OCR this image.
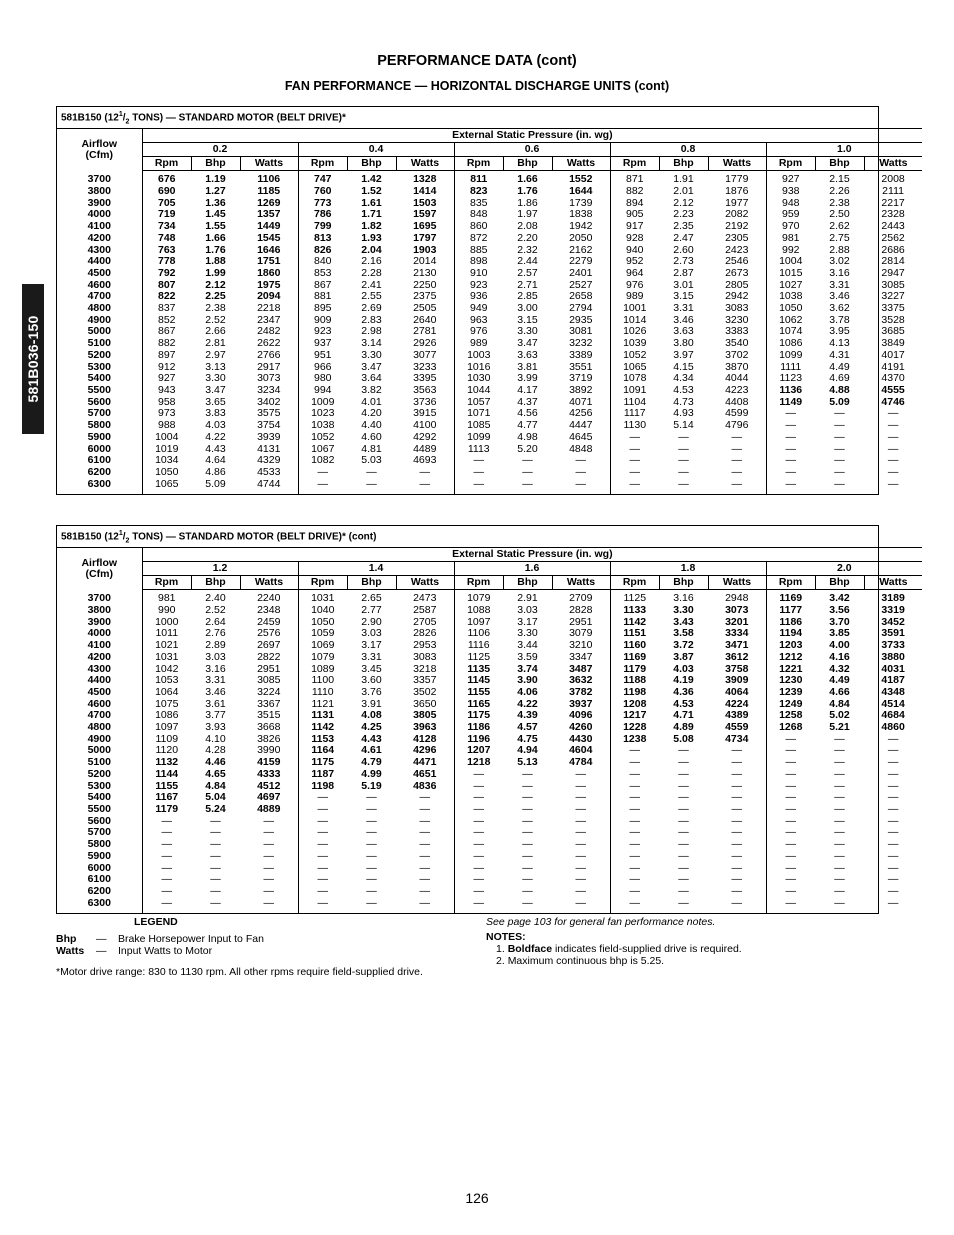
581B036-150
PERFORMANCE DATA (cont)
FAN PERFORMANCE — HORIZONTAL DISCHARGE UNITS (cont)
581B150 ($12^1/_2$ TONS) — STANDARD MOTOR (BELT DRIVE)*															

Airflow
(Cfm)	External Static Pressure (in. wg)														
	0.2			0.4			0.6			0.8			1.0		
	Rpm	Bhp	Watts	Rpm	Bhp	Watts	Rpm	Bhp	Watts	Rpm	Bhp	Watts	Rpm	Bhp	Watts
3700	676	1.19	1106	747	1.42	1328	811	1.66	1552	871	1.91	1779	927	2.15	2008
3800	690	1.27	1185	760	1.52	1414	823	1.76	1644	882	2.01	1876	938	2.26	2111
3900	705	1.36	1269	773	1.61	1503	835	1.86	1739	894	2.12	1977	948	2.38	2217
4000	719	1.45	1357	786	1.71	1597	848	1.97	1838	905	2.23	2082	959	2.50	2328
4100	734	1.55	1449	799	1.82	1695	860	2.08	1942	917	2.35	2192	970	2.62	2443
4200	748	1.66	1545	813	1.93	1797	872	2.20	2050	928	2.47	2305	981	2.75	2562
4300	763	1.76	1646	826	2.04	1903	885	2.32	2162	940	2.60	2423	992	2.88	2686
4400	778	1.88	1751	840	2.16	2014	898	2.44	2279	952	2.73	2546	1004	3.02	2814
4500	792	1.99	1860	853	2.28	2130	910	2.57	2401	964	2.87	2673	1015	3.16	2947
4600	807	2.12	1975	867	2.41	2250	923	2.71	2527	976	3.01	2805	1027	3.31	3085
4700	822	2.25	2094	881	2.55	2375	936	2.85	2658	989	3.15	2942	1038	3.46	3227
4800	837	2.38	2218	895	2.69	2505	949	3.00	2794	1001	3.31	3083	1050	3.62	3375
4900	852	2.52	2347	909	2.83	2640	963	3.15	2935	1014	3.46	3230	1062	3.78	3528
5000	867	2.66	2482	923	2.98	2781	976	3.30	3081	1026	3.63	3383	1074	3.95	3685
5100	882	2.81	2622	937	3.14	2926	989	3.47	3232	1039	3.80	3540	1086	4.13	3849
5200	897	2.97	2766	951	3.30	3077	1003	3.63	3389	1052	3.97	3702	1099	4.31	4017
5300	912	3.13	2917	966	3.47	3233	1016	3.81	3551	1065	4.15	3870	1111	4.49	4191
5400	927	3.30	3073	980	3.64	3395	1030	3.99	3719	1078	4.34	4044	1123	4.69	4370
5500	943	3.47	3234	994	3.82	3563	1044	4.17	3892	1091	4.53	4223	1136	4.88	4555
5600	958	3.65	3402	1009	4.01	3736	1057	4.37	4071	1104	4.73	4408	1149	5.09	4746
5700	973	3.83	3575	1023	4.20	3915	1071	4.56	4256	1117	4.93	4599	—	—	—
5800	988	4.03	3754	1038	4.40	4100	1085	4.77	4447	1130	5.14	4796	—	—	—
5900	1004	4.22	3939	1052	4.60	4292	1099	4.98	4645	—	—	—	—	—	—
6000	1019	4.43	4131	1067	4.81	4489	1113	5.20	4848	—	—	—	—	—	—
6100	1034	4.64	4329	1082	5.03	4693	—	—	—	—	—	—	—	—	—
6200	1050	4.86	4533	—	—	—	—	—	—	—	—	—	—	—	—
6300	1065	5.09	4744	—	—	—	—	—	—	—	—	—	—	—	—

581B150 ($12^1/_2$ TONS) — STANDARD MOTOR (BELT DRIVE)* (cont)															

Airflow
(Cfm)	External Static Pressure (in. wg)														
	1.2			1.4			1.6			1.8			2.0		
	Rpm	Bhp	Watts	Rpm	Bhp	Watts	Rpm	Bhp	Watts	Rpm	Bhp	Watts	Rpm	Bhp	Watts
3700	981	2.40	2240	1031	2.65	2473	1079	2.91	2709	1125	3.16	2948	1169	3.42	3189
3800	990	2.52	2348	1040	2.77	2587	1088	3.03	2828	1133	3.30	3073	1177	3.56	3319
3900	1000	2.64	2459	1050	2.90	2705	1097	3.17	2951	1142	3.43	3201	1186	3.70	3452
4000	1011	2.76	2576	1059	3.03	2826	1106	3.30	3079	1151	3.58	3334	1194	3.85	3591
4100	1021	2.89	2697	1069	3.17	2953	1116	3.44	3210	1160	3.72	3471	1203	4.00	3733
4200	1031	3.03	2822	1079	3.31	3083	1125	3.59	3347	1169	3.87	3612	1212	4.16	3880
4300	1042	3.16	2951	1089	3.45	3218	1135	3.74	3487	1179	4.03	3758	1221	4.32	4031
4400	1053	3.31	3085	1100	3.60	3357	1145	3.90	3632	1188	4.19	3909	1230	4.49	4187
4500	1064	3.46	3224	1110	3.76	3502	1155	4.06	3782	1198	4.36	4064	1239	4.66	4348
4600	1075	3.61	3367	1121	3.91	3650	1165	4.22	3937	1208	4.53	4224	1249	4.84	4514
4700	1086	3.77	3515	1131	4.08	3805	1175	4.39	4096	1217	4.71	4389	1258	5.02	4684
4800	1097	3.93	3668	1142	4.25	3963	1186	4.57	4260	1228	4.89	4559	1268	5.21	4860
4900	1109	4.10	3826	1153	4.43	4128	1196	4.75	4430	1238	5.08	4734	—	—	—
5000	1120	4.28	3990	1164	4.61	4296	1207	4.94	4604	—	—	—	—	—	—
5100	1132	4.46	4159	1175	4.79	4471	1218	5.13	4784	—	—	—	—	—	—
5200	1144	4.65	4333	1187	4.99	4651	—	—	—	—	—	—	—	—	—
5300	1155	4.84	4512	1198	5.19	4836	—	—	—	—	—	—	—	—	—
5400	1167	5.04	4697	—	—	—	—	—	—	—	—	—	—	—	—
5500	1179	5.24	4889	—	—	—	—	—	—	—	—	—	—	—	—
5600	—	—	—	—	—	—	—	—	—	—	—	—	—	—	—
5700	—	—	—	—	—	—	—	—	—	—	—	—	—	—	—
5800	—	—	—	—	—	—	—	—	—	—	—	—	—	—	—
5900	—	—	—	—	—	—	—	—	—	—	—	—	—	—	—
6000	—	—	—	—	—	—	—	—	—	—	—	—	—	—	—
6100	—	—	—	—	—	—	—	—	—	—	—	—	—	—	—
6200	—	—	—	—	—	—	—	—	—	—	—	—	—	—	—
6300	—	—	—	—	—	—	—	—	—	—	—	—	—	—	—

LEGEND
Bhp — Brake Horsepower Input to Fan
Watts — Input Watts to Motor
*Motor drive range: 830 to 1130 rpm. All other rpms require field-supplied drive.
See page 103 for general fan performance notes.
NOTES:
1. Boldface indicates field-supplied drive is required.
2. Maximum continuous bhp is 5.25.
126
